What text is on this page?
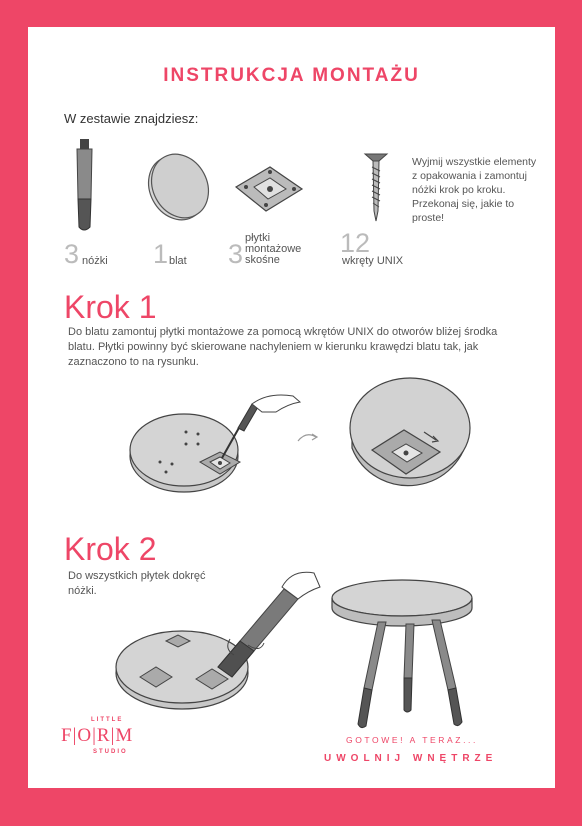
INSTRUKCJA MONTAŻU
W zestawie znajdziesz:
3 nóżki 1 blat 3
płytki montażowe skośne
12
wkręty UNIX
Wyjmij wszystkie elementy z opakowania i zamontuj nóżki krok po kroku. Przekonaj się, jakie to proste!
Krok 1
Do blatu zamontuj płytki montażowe za pomocą wkrętów UNIX do otworów bliżej środka blatu. Płytki powinny być skierowane nachyleniem w kierunku krawędzi blatu tak, jak zaznaczono to na rysunku.
Krok 2
Do wszystkich płytek dokręć nóżki.
LITTLE
F|O|R|M
STUDIO
GOTOWE! A TERAZ...
UWOLNIJ WNĘTRZE
